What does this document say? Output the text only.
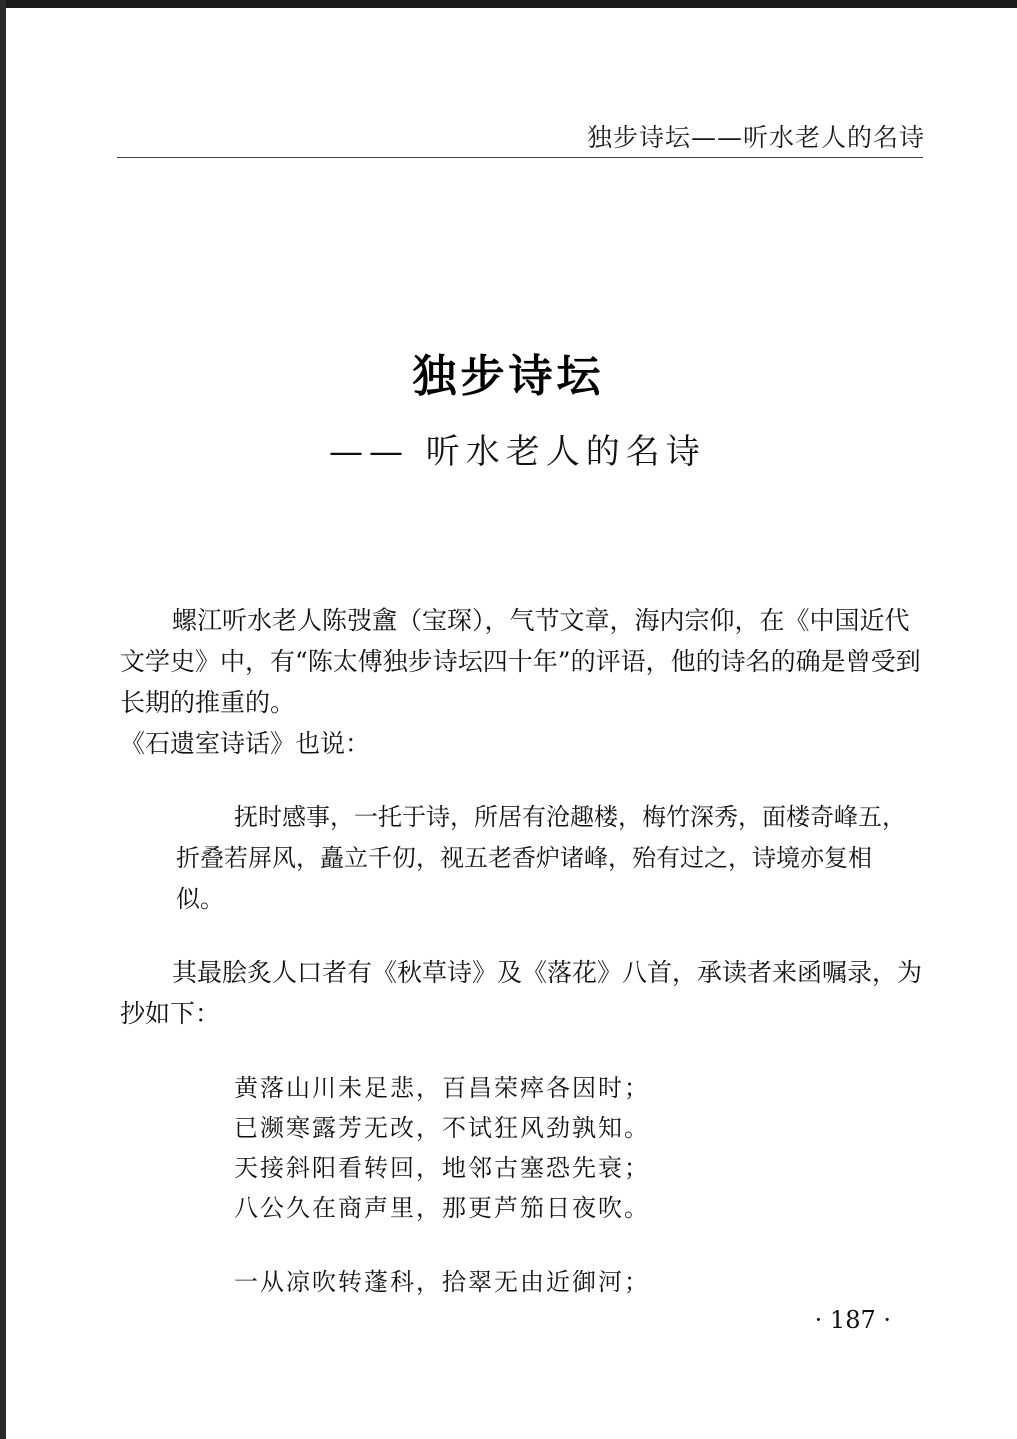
独步诗坛——听水老人的名诗
独步诗坛
—— 听水老人的名诗
螺江听水老人陈弢盦（宝琛），气节文章，海内宗仰，在《中国近代文学史》中，有“陈太傅独步诗坛四十年”的评语，他的诗名的确是曾受到长期的推重的。
《石遗室诗话》也说：
抚时感事，一托于诗，所居有沧趣楼，梅竹深秀，面楼奇峰五，折叠若屏风，矗立千仞，视五老香炉诸峰，殆有过之，诗境亦复相似。
其最脍炙人口者有《秋草诗》及《落花》八首，承读者来函嘱录，为抄如下：
黄落山川未足悲，百昌荣瘁各因时；
已濒寒露芳无改，不试狂风劲孰知。
天接斜阳看转回，地邻古塞恐先衰；
八公久在商声里，那更芦笳日夜吹。
一从凉吹转蓬科，拾翠无由近御河；
· 187 ·
